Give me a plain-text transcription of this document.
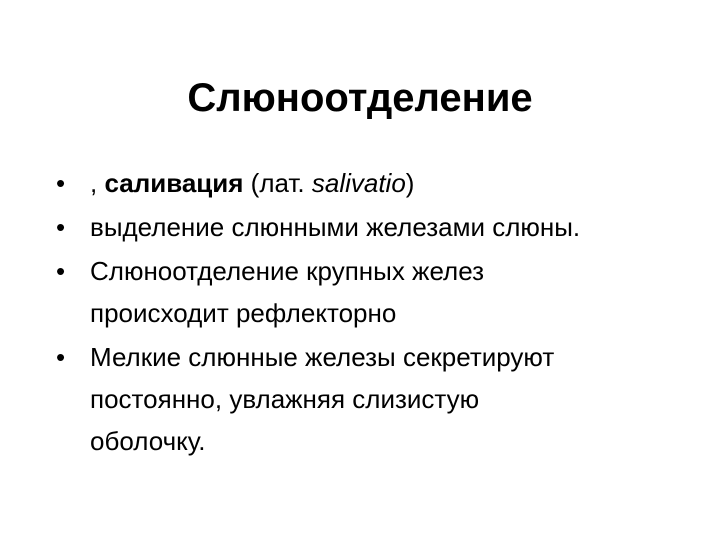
Слюноотделение
• , саливация (лат. salivatio)
• выделение слюнными железами слюны.
• Слюноотделение крупных желез
происходит рефлекторно
• Мелкие слюнные железы секретируют
постоянно, увлажняя слизистую
оболочку.
